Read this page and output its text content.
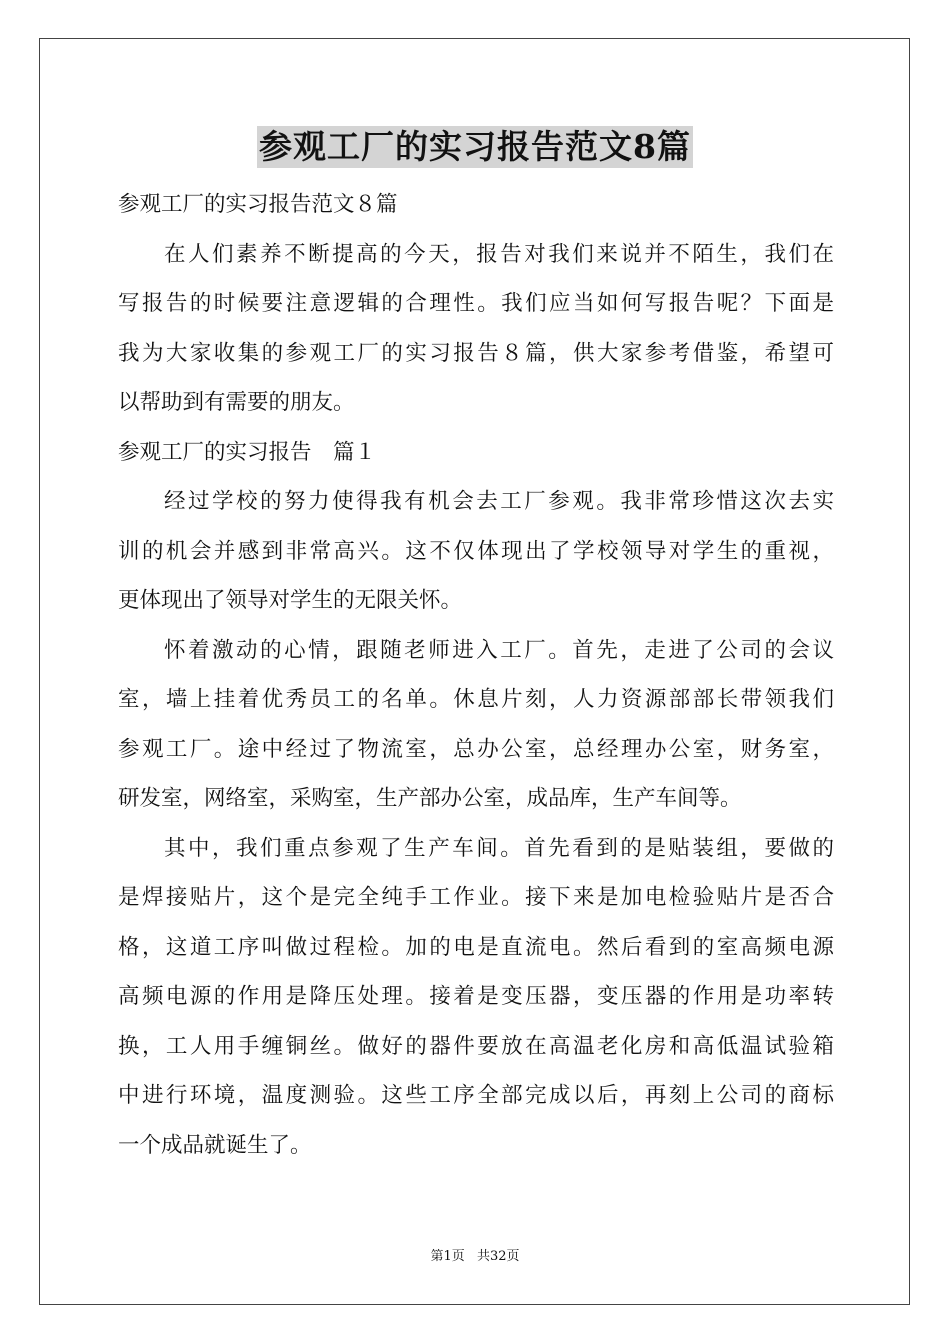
参观工厂的实习报告范文8篇

参观工厂的实习报告范文８篇

在人们素养不断提高的今天，报告对我们来说并不陌生，我们在

写报告的时候要注意逻辑的合理性。我们应当如何写报告呢？下面是

我为大家收集的参观工厂的实习报告８篇，供大家参考借鉴，希望可

以帮助到有需要的朋友。

参观工厂的实习报告　篇１

经过学校的努力使得我有机会去工厂参观。我非常珍惜这次去实

训的机会并感到非常高兴。这不仅体现出了学校领导对学生的重视，

更体现出了领导对学生的无限关怀。

怀着激动的心情，跟随老师进入工厂。首先，走进了公司的会议

室，墙上挂着优秀员工的名单。休息片刻，人力资源部部长带领我们

参观工厂。途中经过了物流室，总办公室，总经理办公室，财务室，

研发室，网络室，采购室，生产部办公室，成品库，生产车间等。

其中，我们重点参观了生产车间。首先看到的是贴装组，要做的

是焊接贴片，这个是完全纯手工作业。接下来是加电检验贴片是否合

格，这道工序叫做过程检。加的电是直流电。然后看到的室高频电源

高频电源的作用是降压处理。接着是变压器，变压器的作用是功率转

换，工人用手缠铜丝。做好的器件要放在高温老化房和高低温试验箱

中进行环境，温度测验。这些工序全部完成以后，再刻上公司的商标

一个成品就诞生了。

第1页 共32页
